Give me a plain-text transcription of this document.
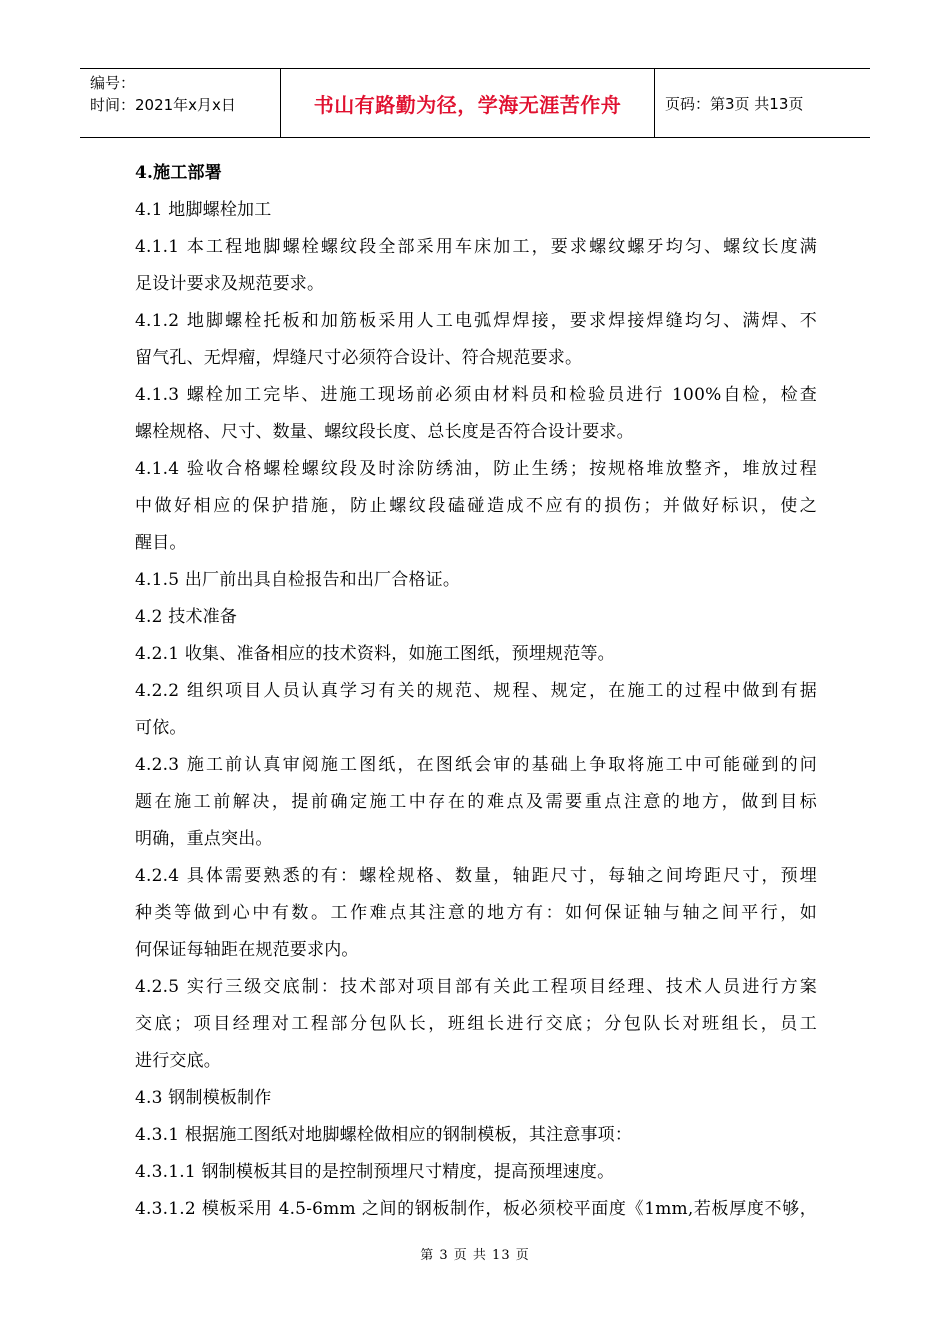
编号：
时间：2021年x月x日	书山有路勤为径，学海无涯苦作舟	页码：第3页 共13页
4.施工部署
4.1 地脚螺栓加工
4.1.1 本工程地脚螺栓螺纹段全部采用车床加工，要求螺纹螺牙均匀、螺纹长度满
足设计要求及规范要求。
4.1.2 地脚螺栓托板和加筋板采用人工电弧焊焊接，要求焊接焊缝均匀、满焊、不
留气孔、无焊瘤，焊缝尺寸必须符合设计、符合规范要求。
4.1.3 螺栓加工完毕、进施工现场前必须由材料员和检验员进行 100%自检，检查
螺栓规格、尺寸、数量、螺纹段长度、总长度是否符合设计要求。
4.1.4 验收合格螺栓螺纹段及时涂防绣油，防止生绣；按规格堆放整齐，堆放过程
中做好相应的保护措施，防止螺纹段磕碰造成不应有的损伤；并做好标识，使之
醒目。
4.1.5 出厂前出具自检报告和出厂合格证。
4.2 技术准备
4.2.1 收集、准备相应的技术资料，如施工图纸，预埋规范等。
4.2.2 组织项目人员认真学习有关的规范、规程、规定，在施工的过程中做到有据
可依。
4.2.3 施工前认真审阅施工图纸，在图纸会审的基础上争取将施工中可能碰到的问
题在施工前解决，提前确定施工中存在的难点及需要重点注意的地方，做到目标
明确，重点突出。
4.2.4 具体需要熟悉的有：螺栓规格、数量，轴距尺寸，每轴之间垮距尺寸，预埋
种类等做到心中有数。工作难点其注意的地方有：如何保证轴与轴之间平行，如
何保证每轴距在规范要求内。
4.2.5 实行三级交底制：技术部对项目部有关此工程项目经理、技术人员进行方案
交底；项目经理对工程部分包队长，班组长进行交底；分包队长对班组长，员工
进行交底。
4.3 钢制模板制作
4.3.1 根据施工图纸对地脚螺栓做相应的钢制模板，其注意事项：
4.3.1.1 钢制模板其目的是控制预埋尺寸精度，提高预埋速度。
4.3.1.2 模板采用 4.5-6mm 之间的钢板制作，板必须校平面度《1mm,若板厚度不够，
第 3 页 共 13 页
